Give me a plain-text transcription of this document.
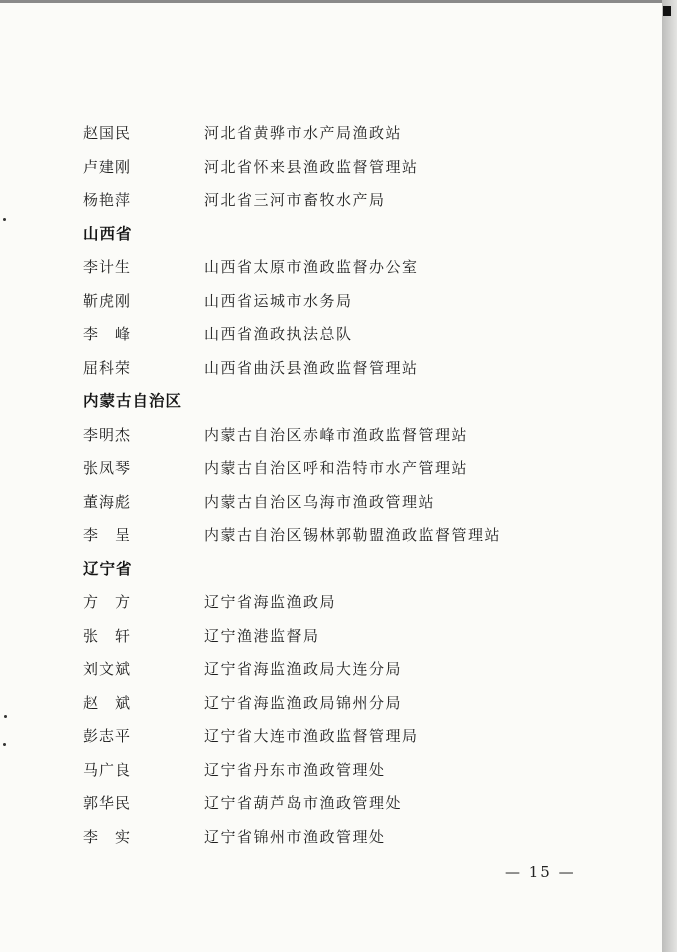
赵国民	河北省黄骅市水产局渔政站
卢建刚	河北省怀来县渔政监督管理站
杨艳萍	河北省三河市畜牧水产局
山西省
李计生	山西省太原市渔政监督办公室
靳虎刚	山西省运城市水务局
李　峰	山西省渔政执法总队
屈科荣	山西省曲沃县渔政监督管理站
内蒙古自治区
李明杰	内蒙古自治区赤峰市渔政监督管理站
张凤琴	内蒙古自治区呼和浩特市水产管理站
董海彪	内蒙古自治区乌海市渔政管理站
李　呈	内蒙古自治区锡林郭勒盟渔政监督管理站
辽宁省
方　方	辽宁省海监渔政局
张　轩	辽宁渔港监督局
刘文斌	辽宁省海监渔政局大连分局
赵　斌	辽宁省海监渔政局锦州分局
彭志平	辽宁省大连市渔政监督管理局
马广良	辽宁省丹东市渔政管理处
郭华民	辽宁省葫芦岛市渔政管理处
李　实	辽宁省锦州市渔政管理处
— 15 —
